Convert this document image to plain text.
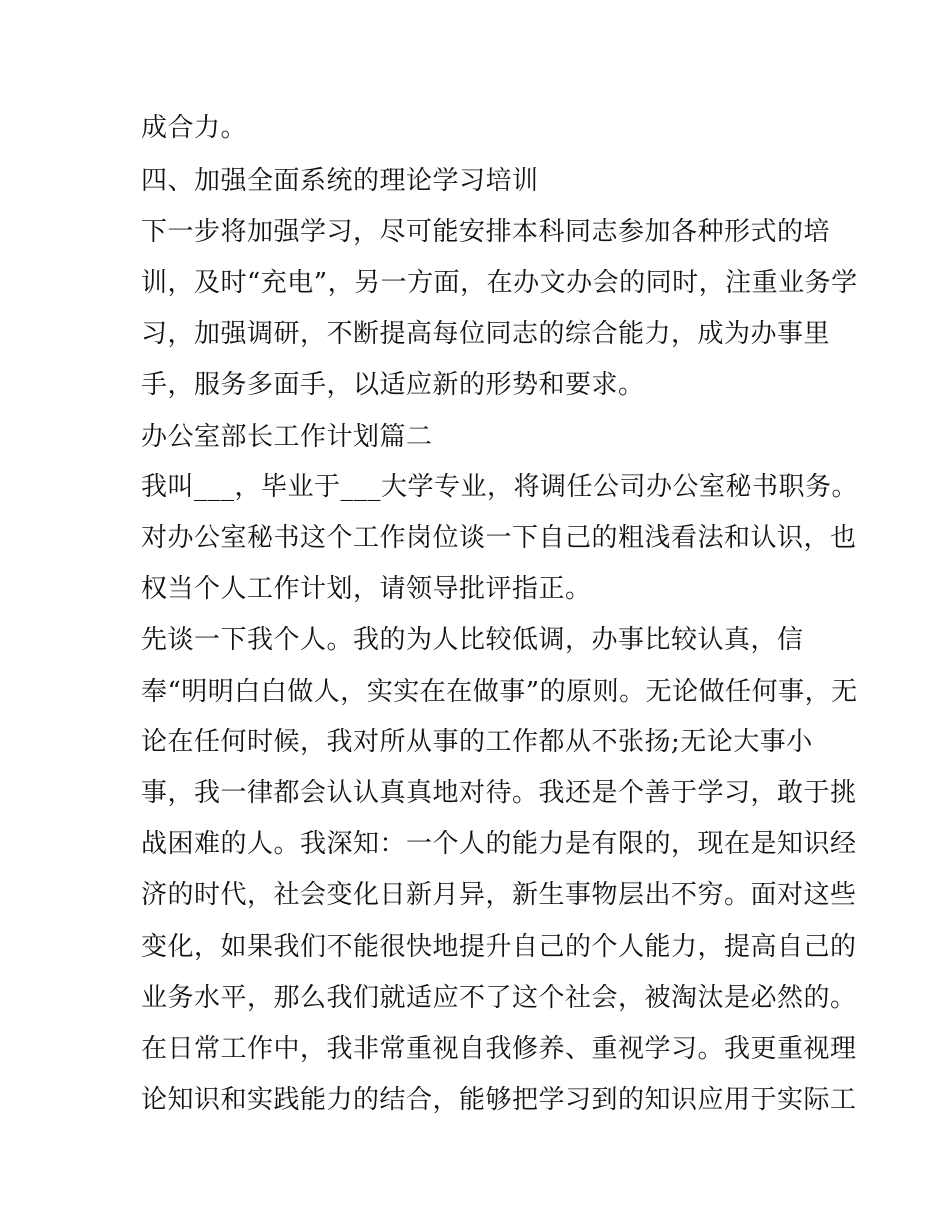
成合力。
四、加强全面系统的理论学习培训
下一步将加强学习，尽可能安排本科同志参加各种形式的培
训，及时“充电”，另一方面，在办文办会的同时，注重业务学
习，加强调研，不断提高每位同志的综合能力，成为办事里
手，服务多面手，以适应新的形势和要求。
办公室部长工作计划篇二
我叫___，毕业于___大学专业，将调任公司办公室秘书职务。
对办公室秘书这个工作岗位谈一下自己的粗浅看法和认识，也
权当个人工作计划，请领导批评指正。
先谈一下我个人。我的为人比较低调，办事比较认真，信
奉“明明白白做人，实实在在做事”的原则。无论做任何事，无
论在任何时候，我对所从事的工作都从不张扬;无论大事小
事，我一律都会认认真真地对待。我还是个善于学习，敢于挑
战困难的人。我深知：一个人的能力是有限的，现在是知识经
济的时代，社会变化日新月异，新生事物层出不穷。面对这些
变化，如果我们不能很快地提升自己的个人能力，提高自己的
业务水平，那么我们就适应不了这个社会，被淘汰是必然的。
在日常工作中，我非常重视自我修养、重视学习。我更重视理
论知识和实践能力的结合，能够把学习到的知识应用于实际工
